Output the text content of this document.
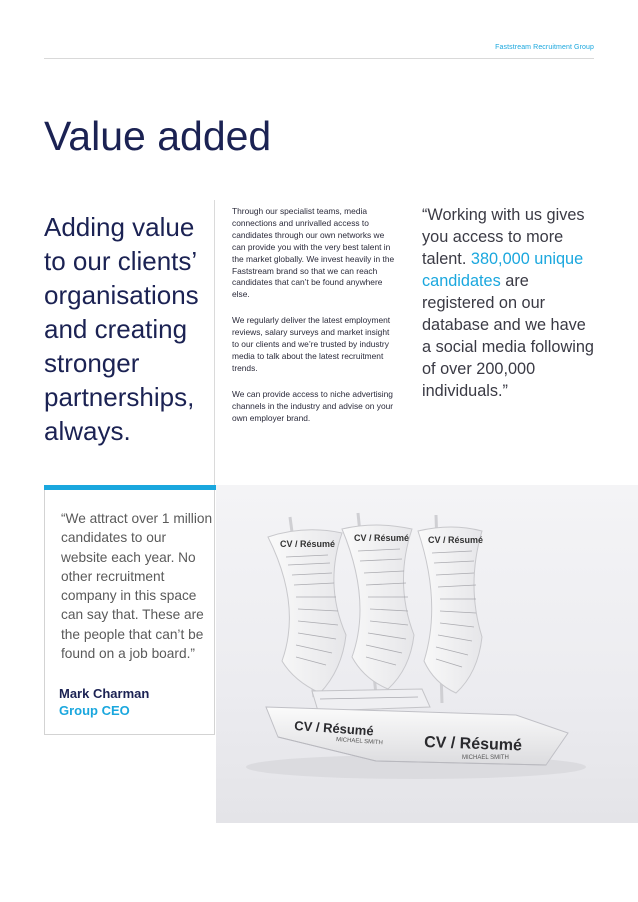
Faststream Recruitment Group
Value added
Adding value to our clients’ organisations and creating stronger partnerships, always.

Through our specialist teams, media connections and unrivalled access to candidates through our own networks we can provide you with the very best talent in the market globally. We invest heavily in the Faststream brand so that we can reach candidates that can’t be found anywhere else.

We regularly deliver the latest employment reviews, salary surveys and market insight to our clients and we’re trusted by industry media to talk about the latest recruitment trends.

We can provide access to niche advertising channels in the industry and advise on your own employer brand.

“Working with us gives you access to more talent. 380,000 unique candidates are registered on our database and we have a social media following of over 200,000 individuals.”
“We attract over 1 million candidates to our website each year. No other recruitment company in this space can say that. These are the people that can’t be found on a job board.”
Mark Charman
Group CEO
CV / Résumé
CV / Résumé CV / Résumé
CV / Résumé
CV / Résumé
MICHAEL SMITH
MICHAEL SMITH
